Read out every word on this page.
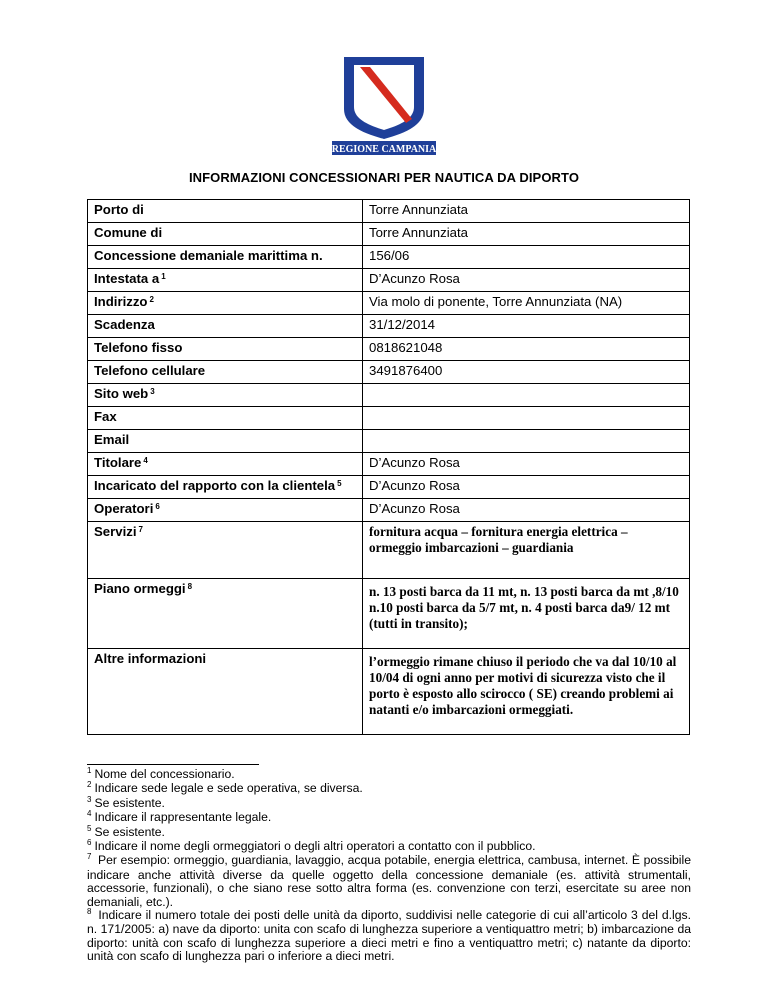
REGIONE CAMPANIA
INFORMAZIONI CONCESSIONARI PER NAUTICA DA DIPORTO
Porto di	Torre Annunziata
Comune di	Torre Annunziata
Concessione demaniale marittima n.	156/06
Intestata a $^1$	D’Acunzo Rosa
Indirizzo $^2$	Via molo di ponente, Torre Annunziata (NA)
Scadenza	31/12/2014
Telefono fisso	0818621048
Telefono cellulare	3491876400
Sito web $^3$	
Fax	
Email	
Titolare $^4$	D’Acunzo Rosa
Incaricato del rapporto con la clientela $^5$	D’Acunzo Rosa
Operatori $^6$	D’Acunzo Rosa
Servizi $^7$	fornitura acqua – fornitura energia elettrica – ormeggio imbarcazioni – guardiania
Piano ormeggi $^8$	n. 13 posti barca da 11 mt, n. 13 posti barca da mt ,8/10 n.10 posti barca da 5/7 mt, n. 4 posti barca da9/ 12 mt (tutti in transito);
Altre informazioni	l’ormeggio rimane chiuso il periodo che va dal 10/10 al 10/04 di ogni anno per motivi di sicurezza visto che il porto è esposto allo scirocco ( SE) creando problemi ai natanti e/o imbarcazioni ormeggiati.
$^1$ Nome del concessionario.
$^2$ Indicare sede legale e sede operativa, se diversa.
$^3$ Se esistente.
$^4$ Indicare il rappresentante legale.
$^5$ Se esistente.
$^6$ Indicare il nome degli ormeggiatori o degli altri operatori a contatto con il pubblico.
$^7$ Per esempio: ormeggio, guardiania, lavaggio, acqua potabile, energia elettrica, cambusa, internet. È possibile indicare anche attività diverse da quelle oggetto della concessione demaniale (es. attività strumentali, accessorie, funzionali), o che siano rese sotto altra forma (es. convenzione con terzi, esercitate su aree non demaniali, etc.).
$^8$ Indicare il numero totale dei posti delle unità da diporto, suddivisi nelle categorie di cui all’articolo 3 del d.lgs. n. 171/2005: a) nave da diporto: unita con scafo di lunghezza superiore a ventiquattro metri; b) imbarcazione da diporto: unità con scafo di lunghezza superiore a dieci metri e fino a ventiquattro metri; c) natante da diporto: unità con scafo di lunghezza pari o inferiore a dieci metri.
